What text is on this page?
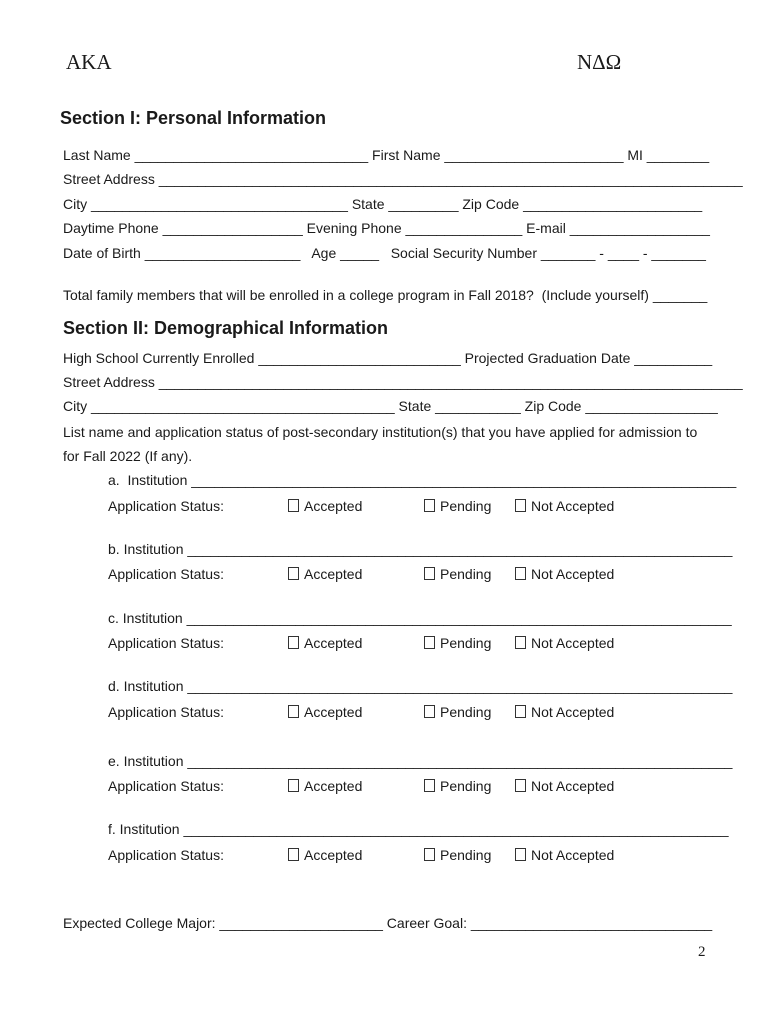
AKA	NΔΩ
Section I: Personal Information
Last Name ______________________________ First Name _______________________ MI ________
Street Address ___________________________________________________________________________
City _________________________________ State _________ Zip Code _______________________
Daytime Phone __________________ Evening Phone _______________ E-mail __________________
Date of Birth ____________________   Age _____   Social Security Number _______ - ____ - _______
Total family members that will be enrolled in a college program in Fall 2018?  (Include yourself) _______
Section II: Demographical Information
High School Currently Enrolled __________________________ Projected Graduation Date __________
Street Address ___________________________________________________________________________
City _______________________________________ State ___________ Zip Code _________________
List name and application status of post-secondary institution(s) that you have applied for admission to
for Fall 2022 (If any).
a.  Institution ______________________________________________________________________
Application Status:	Accepted	Pending	Not Accepted
b. Institution ______________________________________________________________________
Application Status:	Accepted	Pending	Not Accepted
c. Institution ______________________________________________________________________
Application Status:	Accepted	Pending	Not Accepted
d. Institution ______________________________________________________________________
Application Status:	Accepted	Pending	Not Accepted
e. Institution ______________________________________________________________________
Application Status:	Accepted	Pending	Not Accepted
f. Institution ______________________________________________________________________
Application Status:	Accepted	Pending	Not Accepted
Expected College Major: _____________________ Career Goal: _______________________________
2
